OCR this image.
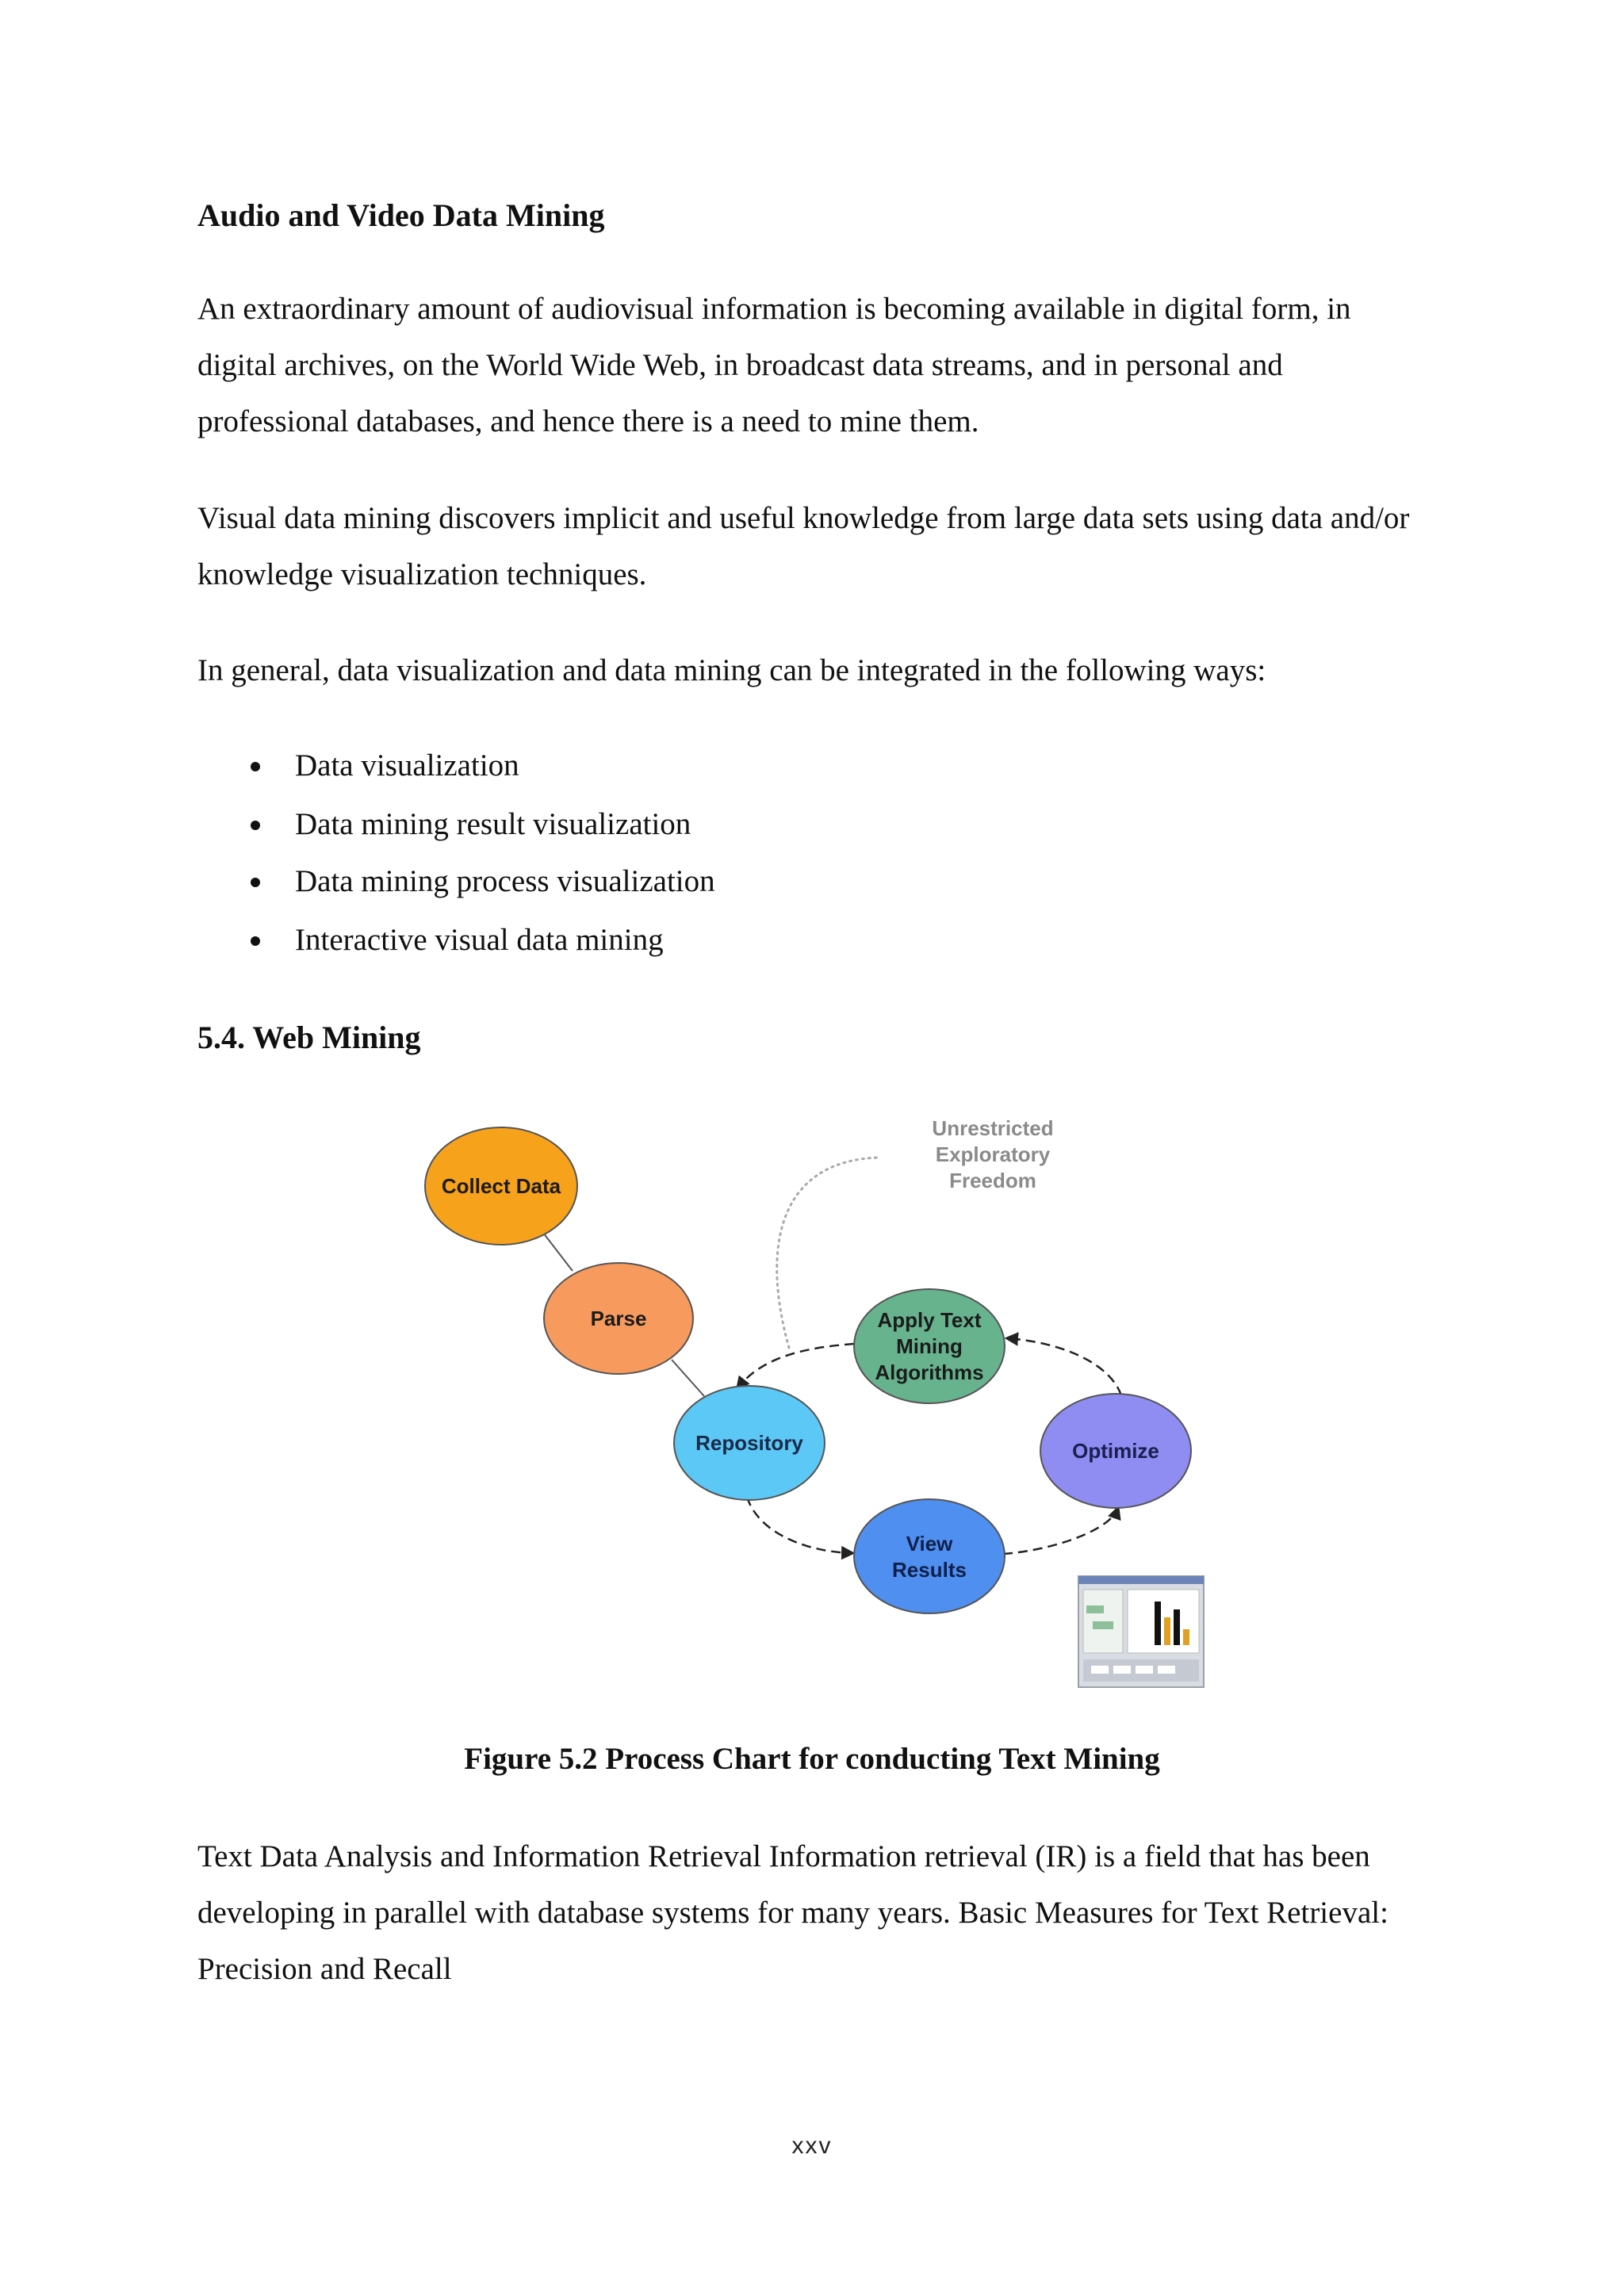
Audio and Video Data Mining

An extraordinary amount of audiovisual information is becoming available in digital form, in digital archives, on the World Wide Web, in broadcast data streams, and in personal and professional databases, and hence there is a need to mine them.

Visual data mining discovers implicit and useful knowledge from large data sets using data and/or knowledge visualization techniques.

In general, data visualization and data mining can be integrated in the following ways:

Data visualization
Data mining result visualization
Data mining process visualization
Interactive visual data mining
5.4. Web Mining
Collect Data
Parse
Repository
Apply Text
Mining
Algorithms
Optimize
View
Results
Unrestricted
Exploratory
Freedom

Figure 5.2 Process Chart for conducting Text Mining

Text Data Analysis and Information Retrieval Information retrieval (IR) is a field that has been developing in parallel with database systems for many years. Basic Measures for Text Retrieval: Precision and Recall

xxv
